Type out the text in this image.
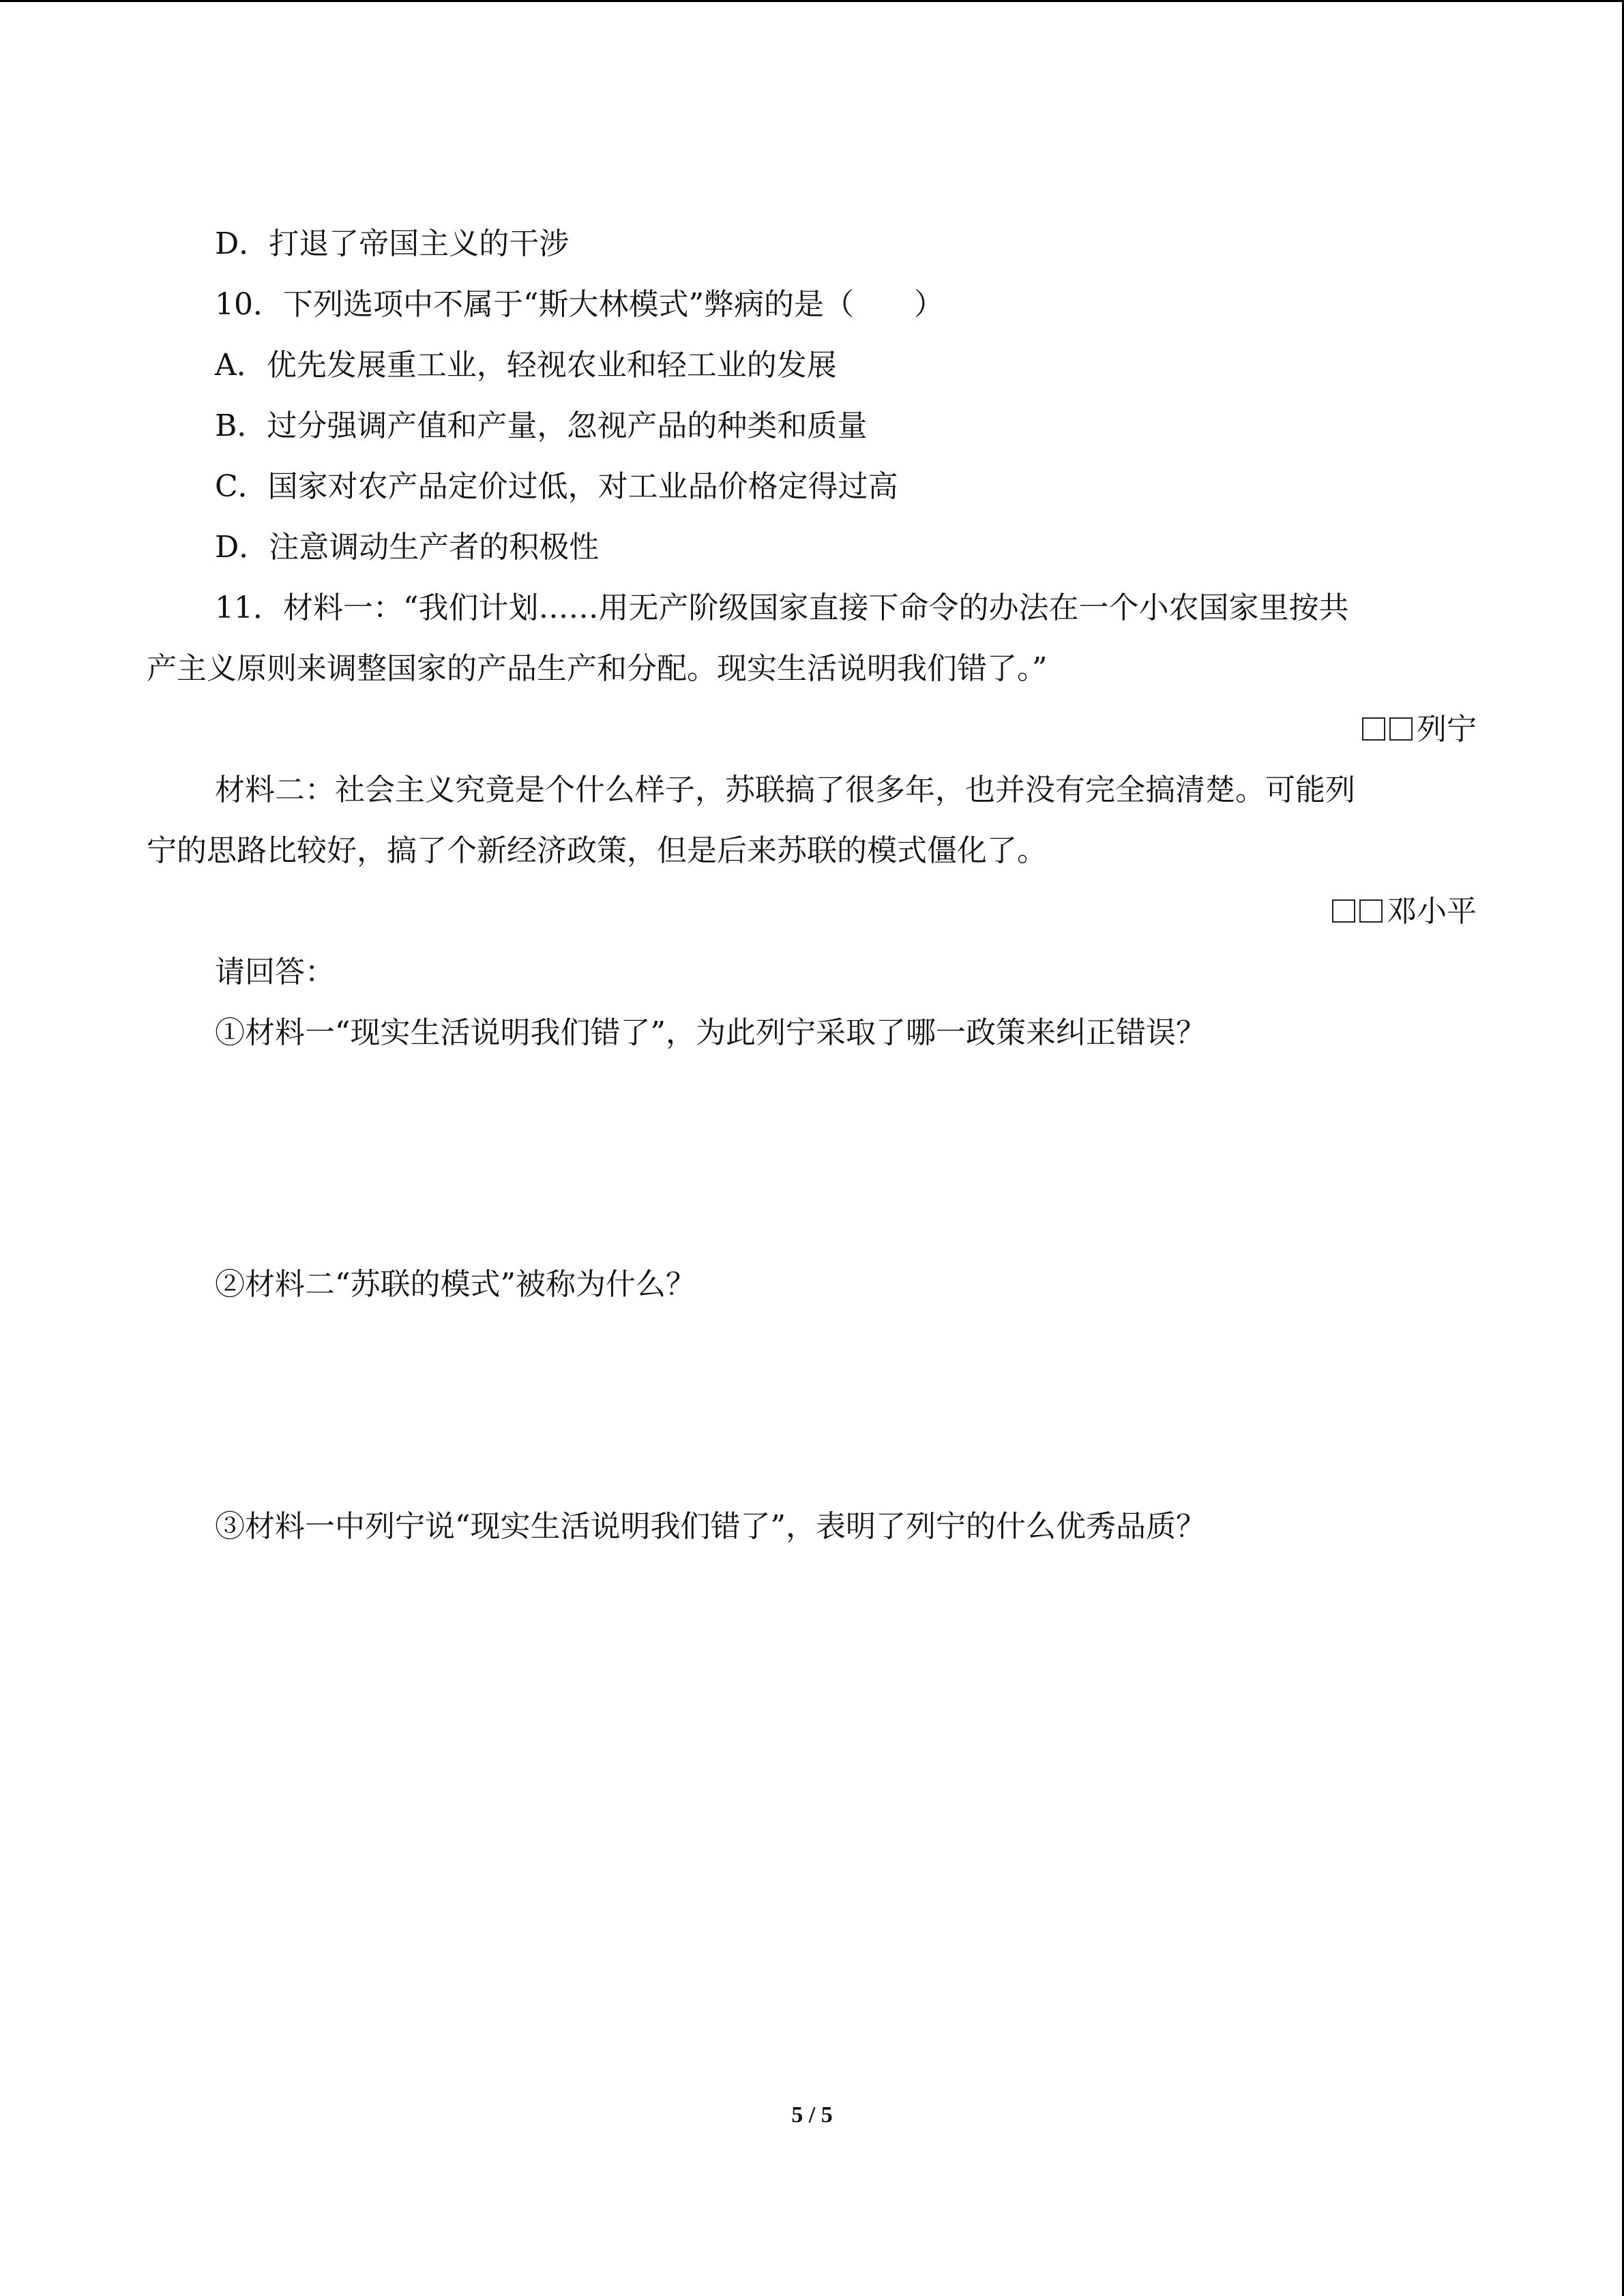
D．打退了帝国主义的干涉
10．下列选项中不属于“斯大林模式”弊病的是（　　）
A．优先发展重工业，轻视农业和轻工业的发展
B．过分强调产值和产量，忽视产品的种类和质量
C．国家对农产品定价过低，对工业品价格定得过高
D．注意调动生产者的积极性
11．材料一：“我们计划……用无产阶级国家直接下命令的办法在一个小农国家里按共
产主义原则来调整国家的产品生产和分配。现实生活说明我们错了。”
列宁
材料二：社会主义究竟是个什么样子，苏联搞了很多年，也并没有完全搞清楚。可能列
宁的思路比较好，搞了个新经济政策，但是后来苏联的模式僵化了。
邓小平
请回答：
①材料一“现实生活说明我们错了”，为此列宁采取了哪一政策来纠正错误？
②材料二“苏联的模式”被称为什么？
③材料一中列宁说“现实生活说明我们错了”，表明了列宁的什么优秀品质？
5 / 5
